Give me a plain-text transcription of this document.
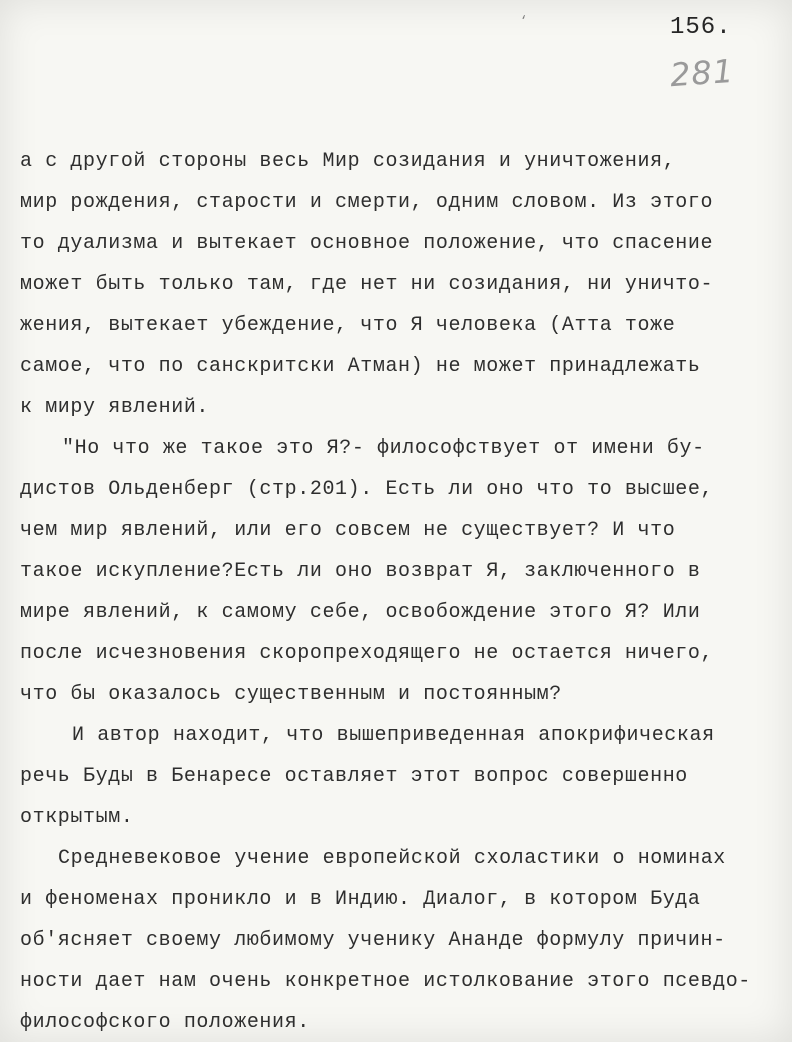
‘	156.
281
а с другой стороны весь Мир созидания и уничтожения,
мир рождения, старости и смерти, одним словом. Из этого
то дуализма и вытекает основное положение, что спасение
может быть только там, где нет ни созидания, ни уничто-
жения, вытекает убеждение, что Я человека (Атта тоже
самое, что по санскритски Атман) не может принадлежать
к миру явлений.
"Но что же такое это Я?- философствует от имени бу-
дистов Ольденберг (стр.201). Есть ли оно что то высшее,
чем мир явлений, или его совсем не существует? И что
такое искупление?Есть ли оно возврат Я, заключенного в
мире явлений, к самому себе, освобождение этого Я? Или
после исчезновения скоропреходящего не остается ничего,
что бы оказалось существенным и постоянным?
И автор находит, что вышеприведенная апокрифическая
речь Буды в Бенаресе оставляет этот вопрос совершенно
открытым.
Средневековое учение европейской схоластики о номинах
и феноменах проникло и в Индию. Диалог, в котором Буда
об'ясняет своему любимому ученику Ананде формулу причин-
ности дает нам очень конкретное истолкование этого псевдо-
философского положения.
